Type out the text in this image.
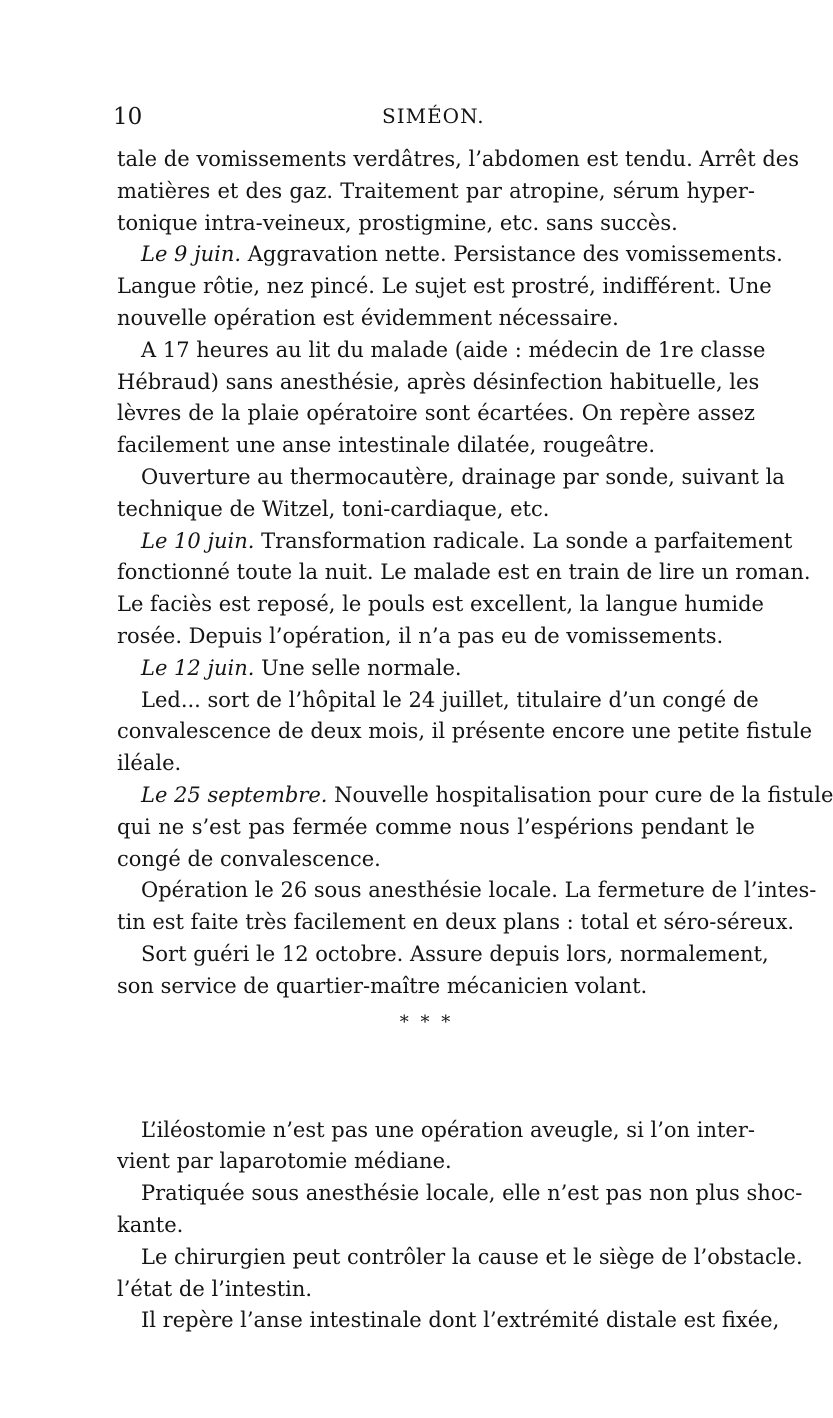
10	SIMÉON.
tale de vomissements verdâtres, l’abdomen est tendu. Arrêt des
matières et des gaz. Traitement par atropine, sérum hyper-
tonique intra-veineux, prostigmine, etc. sans succès.
Le 9 juin. Aggravation nette. Persistance des vomissements.
Langue rôtie, nez pincé. Le sujet est prostré, indifférent. Une
nouvelle opération est évidemment nécessaire.
A 17 heures au lit du malade (aide : médecin de 1re classe
Hébraud) sans anesthésie, après désinfection habituelle, les
lèvres de la plaie opératoire sont écartées. On repère assez
facilement une anse intestinale dilatée, rougeâtre.
Ouverture au thermocautère, drainage par sonde, suivant la
technique de Witzel, toni-cardiaque, etc.
Le 10 juin. Transformation radicale. La sonde a parfaitement
fonctionné toute la nuit. Le malade est en train de lire un roman.
Le faciès est reposé, le pouls est excellent, la langue humide
rosée. Depuis l’opération, il n’a pas eu de vomissements.
Le 12 juin. Une selle normale.
Led... sort de l’hôpital le 24 juillet, titulaire d’un congé de
convalescence de deux mois, il présente encore une petite fistule
iléale.
Le 25 septembre. Nouvelle hospitalisation pour cure de la fistule
qui ne s’est pas fermée comme nous l’espérions pendant le
congé de convalescence.
Opération le 26 sous anesthésie locale. La fermeture de l’intes-
tin est faite très facilement en deux plans : total et séro-séreux.
Sort guéri le 12 octobre. Assure depuis lors, normalement,
son service de quartier-maître mécanicien volant.
L’iléostomie n’est pas une opération aveugle, si l’on inter-
vient par laparotomie médiane.
Pratiquée sous anesthésie locale, elle n’est pas non plus shoc-
kante.
Le chirurgien peut contrôler la cause et le siège de l’obstacle.
l’état de l’intestin.
Il repère l’anse intestinale dont l’extrémité distale est fixée,
* * *
